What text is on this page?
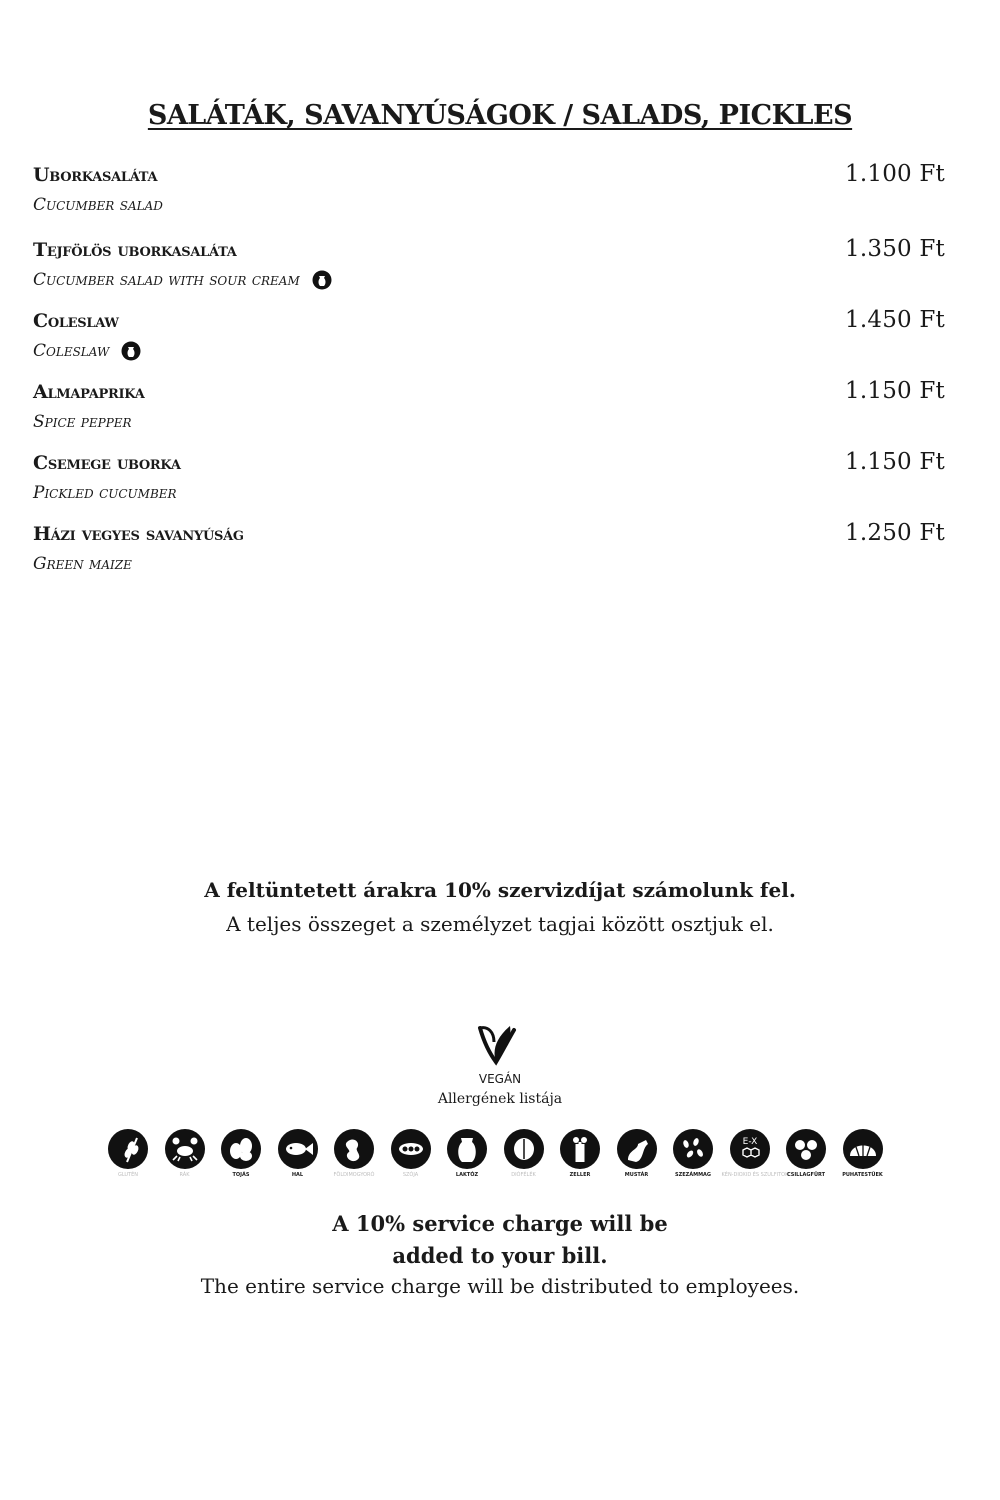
SALÁTÁK, SAVANYÚSÁGOK / SALADS, PICKLES
Uborkasaláta	1.100 Ft
Cucumber salad
Tejfölös uborkasaláta	1.350 Ft
Cucumber salad with sour cream
Coleslaw	1.450 Ft
Coleslaw
Almapaprika	1.150 Ft
Spice pepper
Csemege uborka	1.150 Ft
Pickled cucumber
Házi vegyes savanyúság	1.250 Ft
Green maize
A feltüntetett árakra 10% szervizdíjat számolunk fel.
A teljes összeget a személyzet tagjai között osztjuk el.
VEGÁN
Allergének listája
GLUTÉN	RÁK	TOJÁS	HAL	FÖLDIMOGYORÓ	SZÓJA	LAKTÓZ	DIÓFÉLÉK	ZELLER	MUSTÁR	SZEZÁMMAG
E-X
KÉN-DIOXID ÉS SZULFITOK
CSILLAGFÜRT	PUHATESTŰEK
A 10% service charge will be
added to your bill.
The entire service charge will be distributed to employees.
